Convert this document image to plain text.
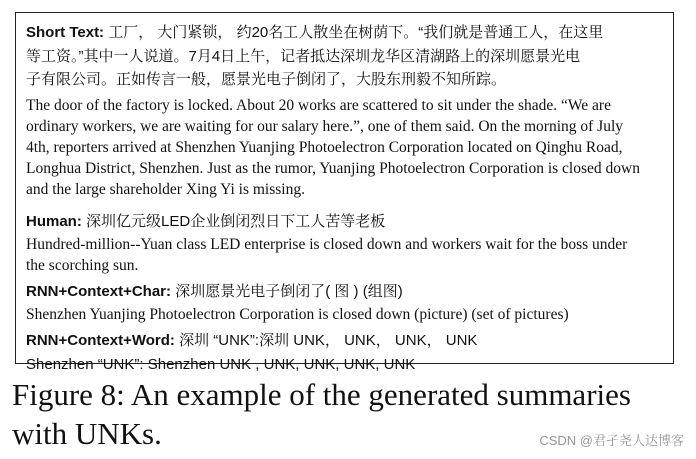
Short Text: 工厂， 大门紧锁， 约20名工人散坐在树荫下。“我们就是普通工人，在这里
等工资。”其中一人说道。7月4日上午，记者抵达深圳龙华区清湖路上的深圳愿景光电
子有限公司。正如传言一般，愿景光电子倒闭了，大股东刑毅不知所踪。
The door of the factory is locked. About 20 works are scattered to sit under the shade. “We are
ordinary workers, we are waiting for our salary here.”, one of them said. On the morning of July
4th, reporters arrived at Shenzhen Yuanjing Photoelectron Corporation located on Qinghu Road,
Longhua District, Shenzhen. Just as the rumor, Yuanjing Photoelectron Corporation is closed down
and the large shareholder Xing Yi is missing.
Human: 深圳亿元级LED企业倒闭烈日下工人苦等老板
Hundred-million--Yuan class LED enterprise is closed down and workers wait for the boss under
the scorching sun.
RNN+Context+Char: 深圳愿景光电子倒闭了( 图 ) (组图)
Shenzhen Yuanjing Photoelectron Corporation is closed down (picture) (set of pictures)
RNN+Context+Word: 深圳 “UNK”:深圳 UNK， UNK， UNK， UNK
Shenzhen “UNK”: Shenzhen UNK , UNK, UNK, UNK, UNK
Figure 8: An example of the generated summaries
with UNKs.	CSDN @君孑尧人达博客
